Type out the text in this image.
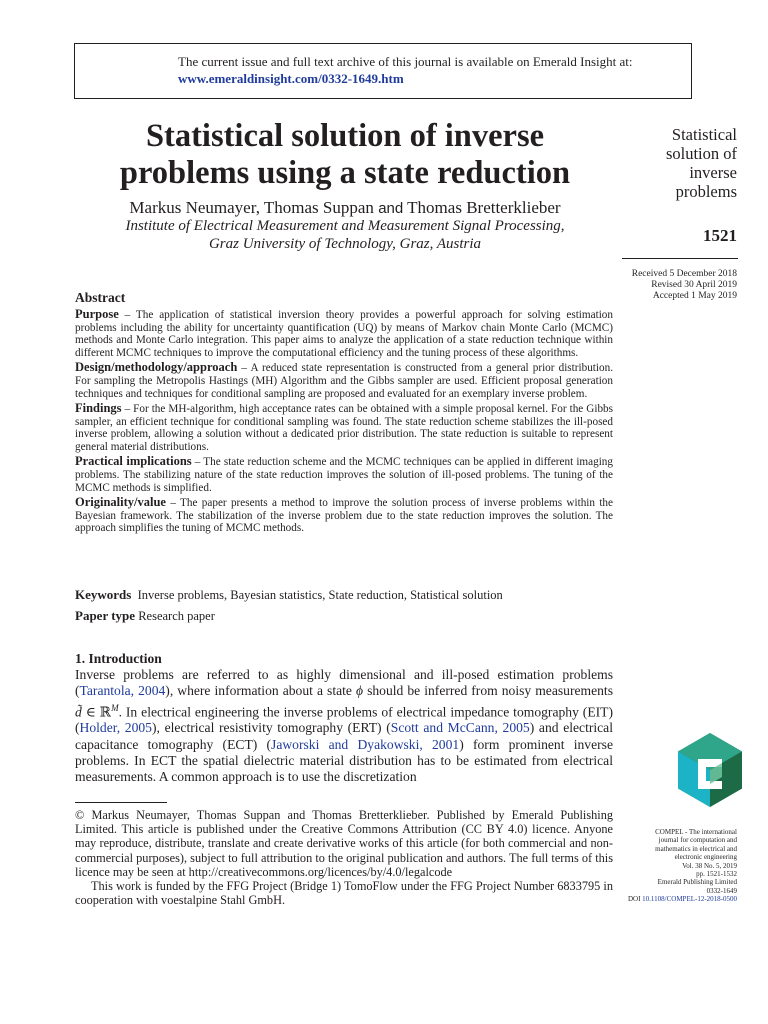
The current issue and full text archive of this journal is available on Emerald Insight at:
www.emeraldinsight.com/0332-1649.htm
Statistical solution of inverse
problems using a state reduction
Markus Neumayer, Thomas Suppan and Thomas Bretterklieber
Institute of Electrical Measurement and Measurement Signal Processing,
Graz University of Technology, Graz, Austria
Statistical
solution of
inverse
problems
1521
Received 5 December 2018
Revised 30 April 2019
Accepted 1 May 2019
Abstract

Purpose – The application of statistical inversion theory provides a powerful approach for solving estimation problems including the ability for uncertainty quantification (UQ) by means of Markov chain Monte Carlo (MCMC) methods and Monte Carlo integration. This paper aims to analyze the application of a state reduction technique within different MCMC techniques to improve the computational efficiency and the tuning process of these algorithms.

Design/methodology/approach – A reduced state representation is constructed from a general prior distribution. For sampling the Metropolis Hastings (MH) Algorithm and the Gibbs sampler are used. Efficient proposal generation techniques and techniques for conditional sampling are proposed and evaluated for an exemplary inverse problem.

Findings – For the MH-algorithm, high acceptance rates can be obtained with a simple proposal kernel. For the Gibbs sampler, an efficient technique for conditional sampling was found. The state reduction scheme stabilizes the ill-posed inverse problem, allowing a solution without a dedicated prior distribution. The state reduction is suitable to represent general material distributions.

Practical implications – The state reduction scheme and the MCMC techniques can be applied in different imaging problems. The stabilizing nature of the state reduction improves the solution of ill-posed problems. The tuning of the MCMC methods is simplified.

Originality/value – The paper presents a method to improve the solution process of inverse problems within the Bayesian framework. The stabilization of the inverse problem due to the state reduction improves the solution. The approach simplifies the tuning of MCMC methods.

Keywords Inverse problems, Bayesian statistics, State reduction, Statistical solution
Paper type Research paper
1. Introduction

Inverse problems are referred to as highly dimensional and ill-posed estimation problems (Tarantola, 2004), where information about a state ϕ should be inferred from noisy measurements d̃ ∈ ℝ$^M$. In electrical engineering the inverse problems of electrical impedance tomography (EIT) (Holder, 2005), electrical resistivity tomography (ERT) (Scott and McCann, 2005) and electrical capacitance tomography (ECT) (Jaworski and Dyakowski, 2001) form prominent inverse problems. In ECT the spatial dielectric material distribution has to be estimated from electrical measurements. A common approach is to use the discretization

COMPEL - The international
journal for computation and
mathematics in electrical and
electronic engineering
Vol. 38 No. 5, 2019
pp. 1521-1532
Emerald Publishing Limited
0332-1649
DOI 10.1108/COMPEL-12-2018-0500

© Markus Neumayer, Thomas Suppan and Thomas Bretterklieber. Published by Emerald Publishing Limited. This article is published under the Creative Commons Attribution (CC BY 4.0) licence. Anyone may reproduce, distribute, translate and create derivative works of this article (for both commercial and non-commercial purposes), subject to full attribution to the original publication and authors. The full terms of this licence may be seen at http://creativecommons.org/licences/by/4.0/legalcode

This work is funded by the FFG Project (Bridge 1) TomoFlow under the FFG Project Number 6833795 in cooperation with voestalpine Stahl GmbH.
